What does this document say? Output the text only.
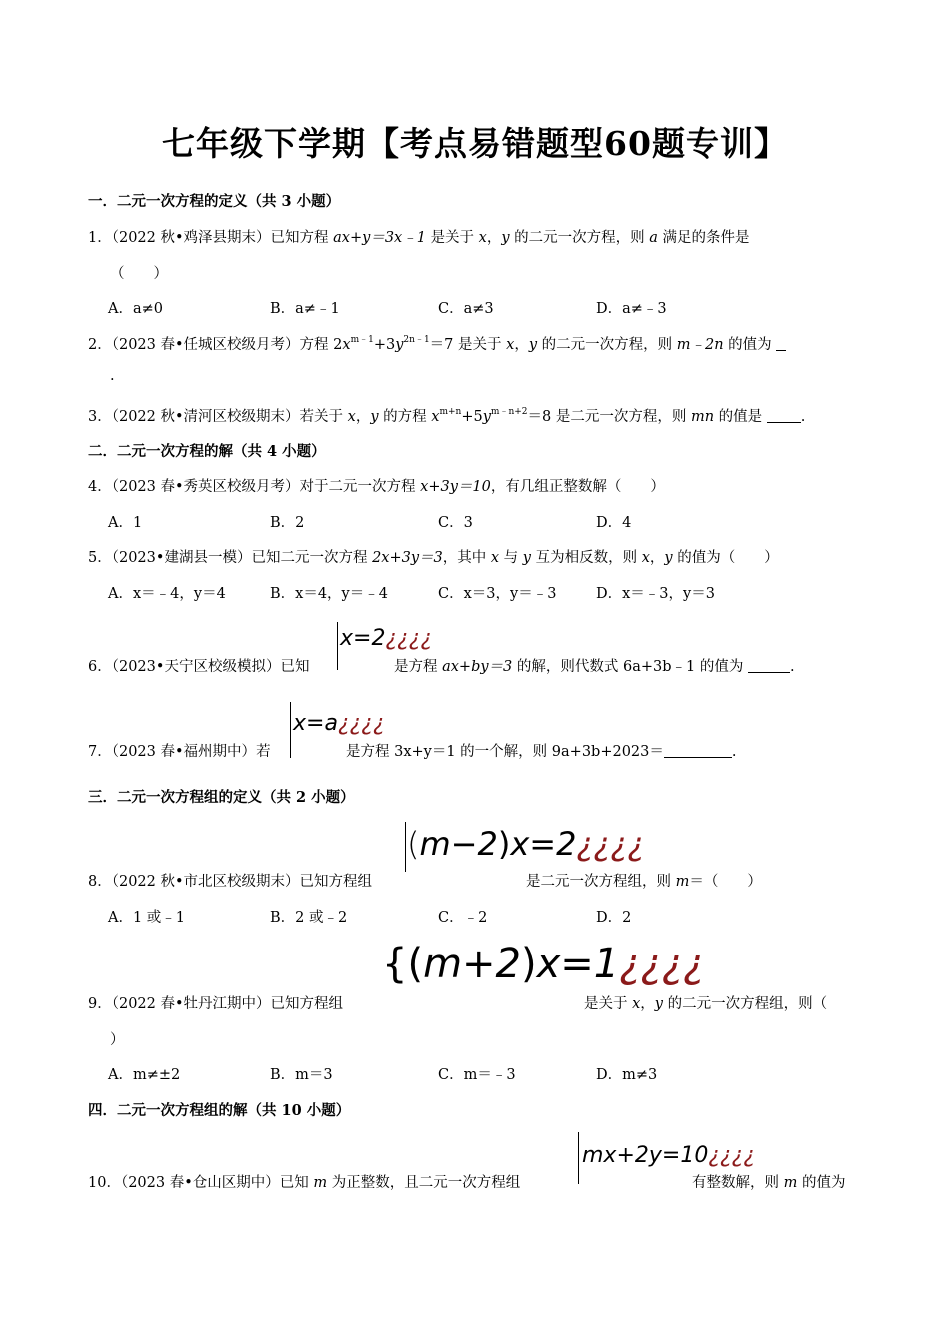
七年级下学期【考点易错题型60题专训】
一．二元一次方程的定义（共 3 小题）
1．（2022 秋•鸡泽县期末）已知方程 ax+y＝3x﹣1 是关于 x，y 的二元一次方程，则 a 满足的条件是
（　　）
A．a≠0	B．a≠﹣1	C．a≠3	D．a≠﹣3
2．（2023 春•任城区校级月考）方程 $2x^{m﹣1}+3y^{2n﹣1}=7$ 是关于 x，y 的二元一次方程，则 m﹣2n 的值为
.
3．（2022 秋•清河区校级期末）若关于 x，y 的方程 $x^{m+n}+5y^{m﹣n+2}=8$ 是二元一次方程，则 mn 的值是	.
二．二元一次方程的解（共 4 小题）
4．（2023 春•秀英区校级月考）对于二元一次方程 x+3y＝10，有几组正整数解（　　）
A．1	B．2	C．3	D．4
5．（2023•建湖县一模）已知二元一次方程 2x+3y＝3，其中 x 与 y 互为相反数，则 x，y 的值为（　　）
A．x＝﹣4，y＝4	B．x＝4，y＝﹣4	C．x＝3，y＝﹣3	D．x＝﹣3，y＝3
x=2¿¿¿¿
6．（2023•天宁区校级模拟）已知	是方程 ax+by＝3 的解，则代数式 6a+3b﹣1 的值为	.
x=a¿¿¿¿
7．（2023 春•福州期中）若	是方程 3x+y＝1 的一个解，则 9a+3b+2023＝	.
三．二元一次方程组的定义（共 2 小题）
(m−2)x=2¿¿¿¿
8．（2022 秋•市北区校级期末）已知方程组	是二元一次方程组，则 m＝（　　）
A．1 或﹣1	B．2 或﹣2	C．﹣2	D．2
{(m+2)x=1¿¿¿¿
9．（2022 春•牡丹江期中）已知方程组	是关于 x，y 的二元一次方程组，则（
）
A．m≠±2	B．m＝3	C．m＝﹣3	D．m≠3
四．二元一次方程组的解（共 10 小题）
mx+2y=10¿¿¿¿
10．（2023 春•仓山区期中）已知 m 为正整数，且二元一次方程组	有整数解，则 m 的值为
